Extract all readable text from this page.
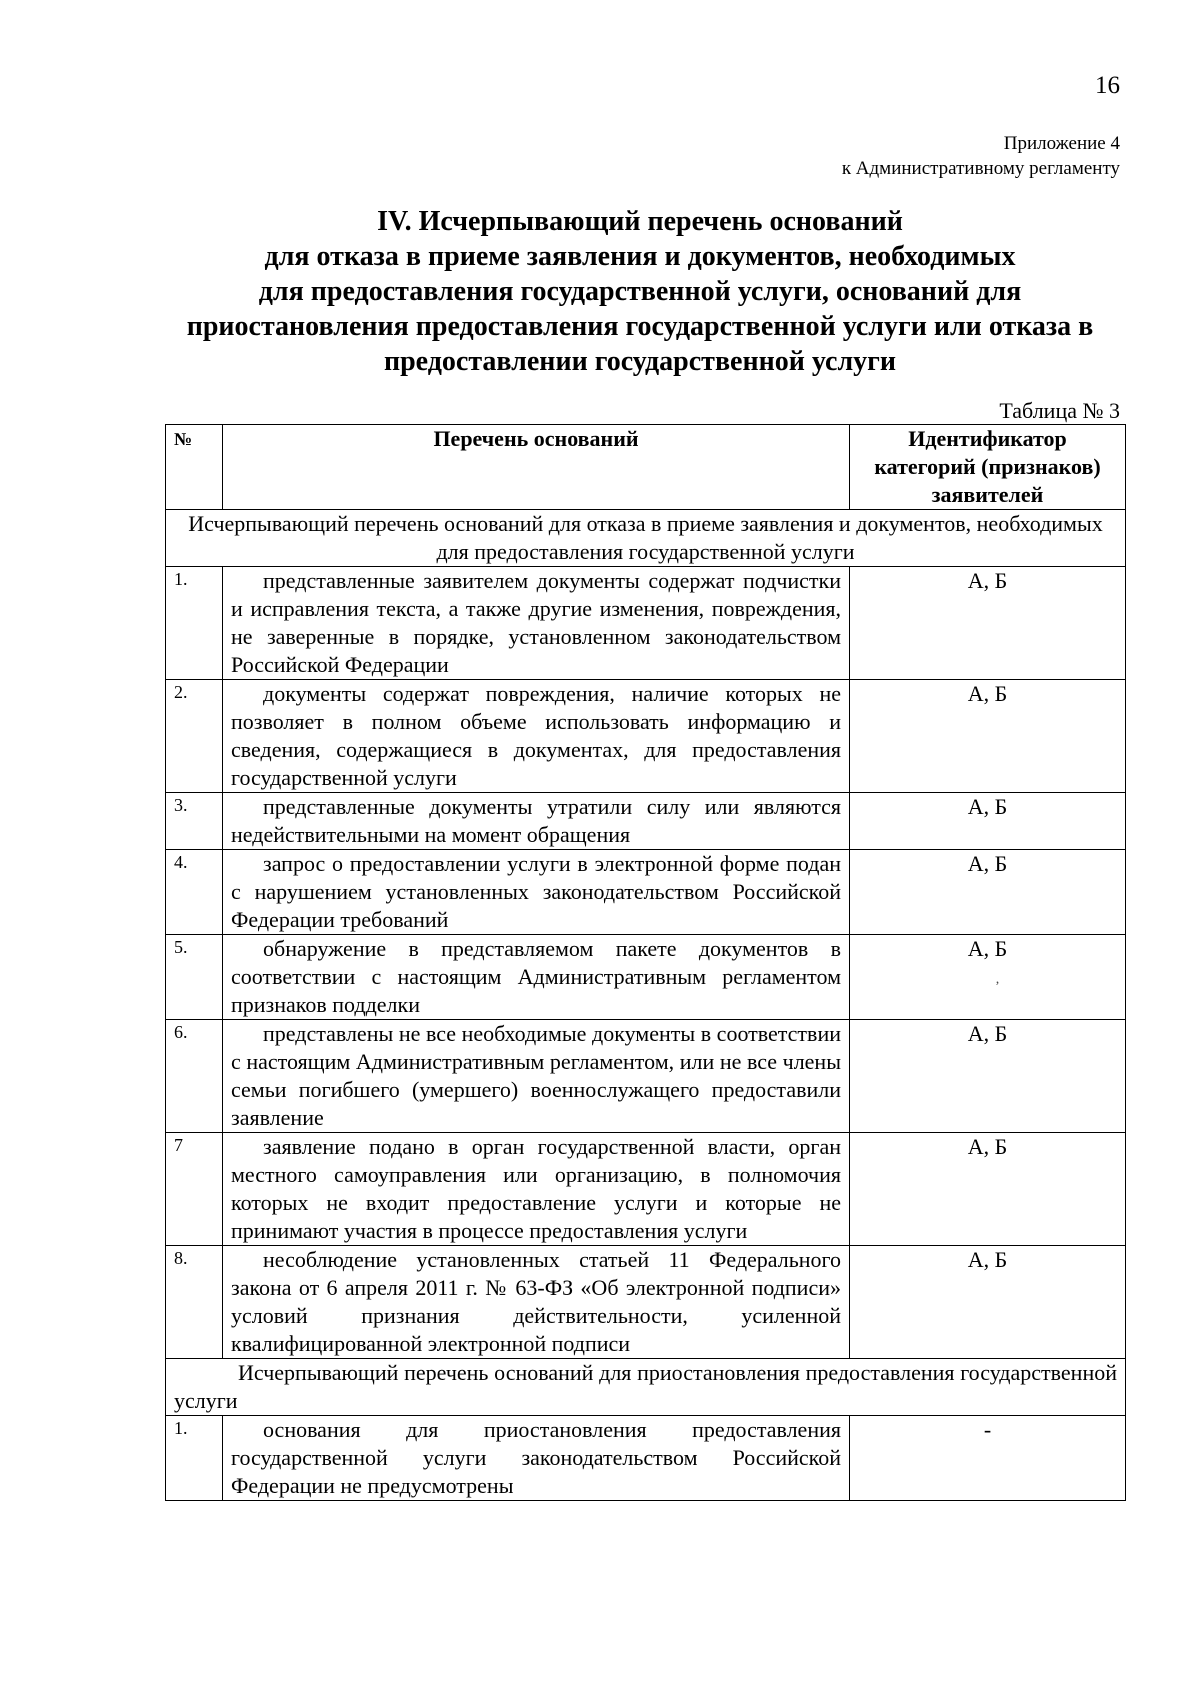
16
Приложение 4
к Административному регламенту
IV. Исчерпывающий перечень оснований
для отказа в приеме заявления и документов, необходимых
для предоставления государственной услуги, оснований для
приостановления предоставления государственной услуги или отказа в
предоставлении государственной услуги
Таблица № 3
№	Перечень оснований	Идентификатор категорий (признаков) заявителей
Исчерпывающий перечень оснований для отказа в приеме заявления и документов, необходимых для предоставления государственной услуги		
1.	представленные заявителем документы содержат подчистки и исправления текста, а также другие изменения, повреждения, не заверенные в порядке, установленном законодательством Российской Федерации	А, Б
2.	документы содержат повреждения, наличие которых не позволяет в полном объеме использовать информацию и сведения, содержащиеся в документах, для предоставления государственной услуги	А, Б
3.	представленные документы утратили силу или являются недействительными на момент обращения	А, Б
4.	запрос о предоставлении услуги в электронной форме подан с нарушением установленных законодательством Российской Федерации требований	А, Б
5.	обнаружение в представляемом пакете документов в соответствии с настоящим Административным регламентом признаков подделки	А, Б
,

6.	представлены не все необходимые документы в соответствии с настоящим Административным регламентом, или не все члены семьи погибшего (умершего) военнослужащего предоставили заявление	А, Б
7	заявление подано в орган государственной власти, орган местного самоуправления или организацию, в полномочия которых не входит предоставление услуги и которые не принимают участия в процессе предоставления услуги	А, Б
8.	несоблюдение установленных статьей 11 Федерального закона от 6 апреля 2011 г. № 63-ФЗ «Об электронной подписи» условий признания действительности, усиленной квалифицированной электронной подписи	А, Б
Исчерпывающий перечень оснований для приостановления предоставления государственной услуги		
1.	основания для приостановления предоставления государственной услуги законодательством Российской Федерации не предусмотрены	-
